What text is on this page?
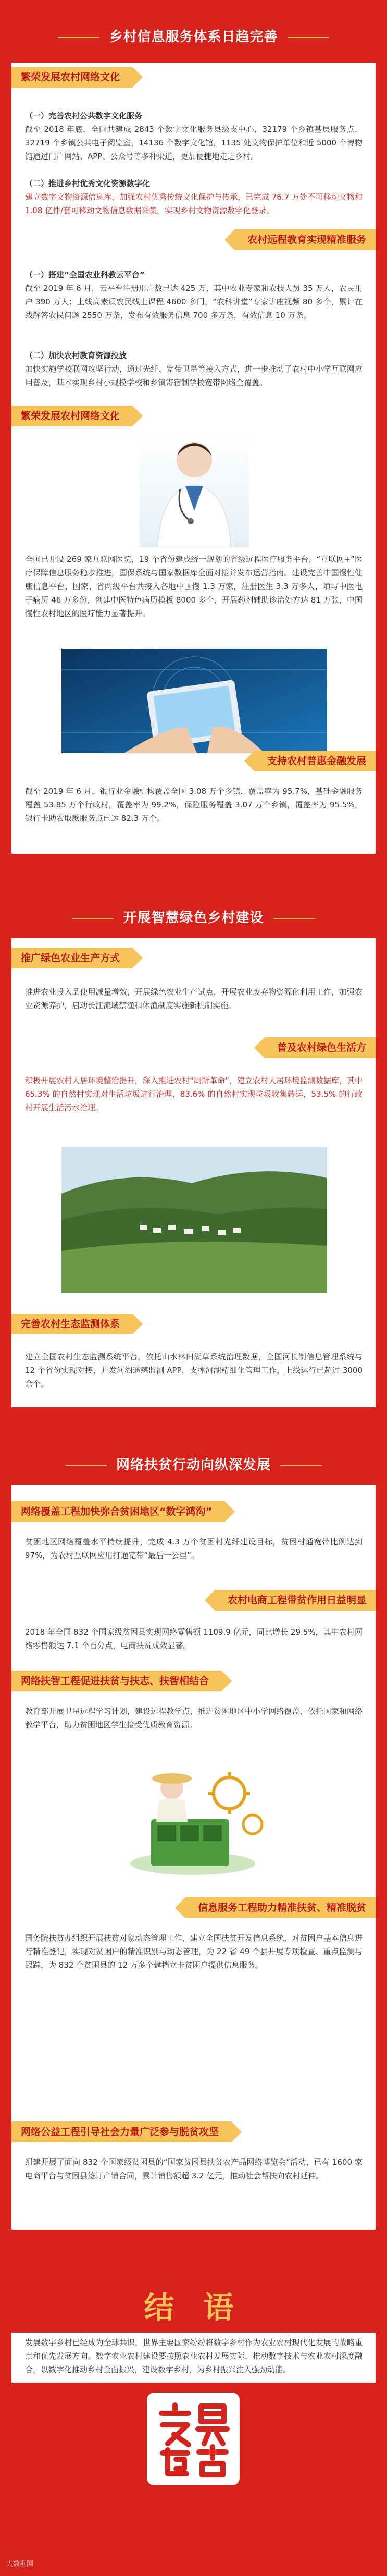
乡村信息服务体系日趋完善
繁荣发展农村网络文化
（一）完善农村公共数字文化服务
截至 2018 年底，全国共建成 2843 个数字文化服务县级支中心，32179 个乡镇基层服务点，32719 个乡镇公共电子阅览室，14136 个数字文化馆，1135 处文物保护单位和近 5000 个博物馆通过门户网站、APP、公众号等多种渠道，更加便捷地走进乡村。
（二）推进乡村优秀文化资源数字化
建立数字文物资源信息库，加强农村优秀传统文化保护与传承，已完成 76.7 万处不可移动文物和 1.08 亿件/套可移动文物信息数据采集，实现乡村文物资源数字化登录。
农村远程教育实现精准服务
（一）搭建“全国农业科教云平台”
截至 2019 年 6 月，云平台注册用户数已达 425 万，其中农业专家和农技人员 35 万人，农民用户 390 万人；上线高素质农民线上课程 4600 多门，“农科讲堂”专家讲座视频 80 多个，累计在线解答农民问题 2550 万条，发布有效服务信息 700 多万条，有效信息 10 万条。
（二）加快农村教育资源投放
加快实施学校联网攻坚行动，通过光纤、宽带卫星等接入方式，进一步推动了农村中小学互联网应用普及，基本实现乡村小规模学校和乡镇寄宿制学校宽带网络全覆盖。
繁荣发展农村网络文化
全国已开设 269 家互联网医院，19 个省份建成统一规划的省级远程医疗服务平台，“互联网+”医疗保障信息服务稳步推进，国保系统与国家数据库全面对接并发布运营指南。建设完善中国慢性健康信息平台，国家、省两级平台共接入各地中国慢 1.3 万家，注册医生 3.3 万多人，填写中医电子病历 46 万多份，创建中医特色病历模板 8000 多个，开展药剂辅助诊治处方达 81 万张，中国慢性农村地区的医疗能力显著提升。
支持农村普惠金融发展
截至 2019 年 6 月，银行业金融机构覆盖全国 3.08 万个乡镇，覆盖率为 95.7%，基础金融服务覆盖 53.85 万个行政村，覆盖率为 99.2%，保险服务覆盖 3.07 万个乡镇，覆盖率为 95.5%，银行卡助农取款服务点已达 82.3 万个。
开展智慧绿色乡村建设
推广绿色农业生产方式
推进农业投入品使用减量增效，开展绿色农业生产试点，开展农业废弃物资源化利用工作，加强农业资源养护，启动长江流域禁渔和休渔制度实施新机制实施。
普及农村绿色生活方
积极开展农村人居环境整治提升，深入推进农村“厕所革命”，建立农村人居环境监测数据库，其中 65.3% 的自然村实现对生活垃圾进行治理，83.6% 的自然村实现垃圾收集转运，53.5% 的行政村开展生活污水治理。
完善农村生态监测体系
建立全国农村生态监测系统平台，依托山水林田湖草系统治理数据，全国河长制信息管理系统与 12 个省份实现对接，开发河湖遥感监测 APP，支撑河湖精细化管理工作，上线运行已超过 3000 余个。
网络扶贫行动向纵深发展
网络覆盖工程加快弥合贫困地区“数字鸿沟”
贫困地区网络覆盖水平持续提升，完成 4.3 万个贫困村光纤建设目标，贫困村通宽带比例达到 97%，为农村互联网应用打通宽带“最后一公里”。
农村电商工程带贫作用日益明显
2018 年全国 832 个国家级贫困县实现网络零售额 1109.9 亿元，同比增长 29.5%，其中农村网络零售额达 7.1 个百分点，电商扶贫成效显著。
网络扶智工程促进扶贫与扶志、扶智相结合
教育部开展卫星远程学习计划，建设远程教学点，推进贫困地区中小学网络覆盖，依托国家和网络教学平台，助力贫困地区学生接受优质教育资源。
信息服务工程助力精准扶贫、精准脱贫
国务院扶贫办组织开展扶贫对象动态管理工作，建立全国扶贫开发信息系统，对贫困户基本信息进行精准登记，实现对贫困户的精准识别与动态管理，为 22 省 49 个县开展专项检查、重点监测与跟踪，为 832 个贫困县的 12 万多个建档立卡贫困户提供信息服务。
网络公益工程引导社会力量广泛参与脱贫攻坚
组建开展了面向 832 个国家级贫困县的“国家贫困县扶贫农产品网络博览会”活动，已有 1600 家电商平台与贫困县签订产销合同，累计销售额超 3.2 亿元，推动社会帮扶向农村延伸。
结 语
发展数字乡村已经成为全球共识，世界主要国家纷纷将数字乡村作为农业农村现代化发展的战略重点和优先发展方向。数字农业农村建设要按照农业农村发展实际，推动数字技术与农业农村深度融合，以数字化推动乡村全面振兴，建设数字乡村，为乡村振兴注入强劲动能。
大数据网
